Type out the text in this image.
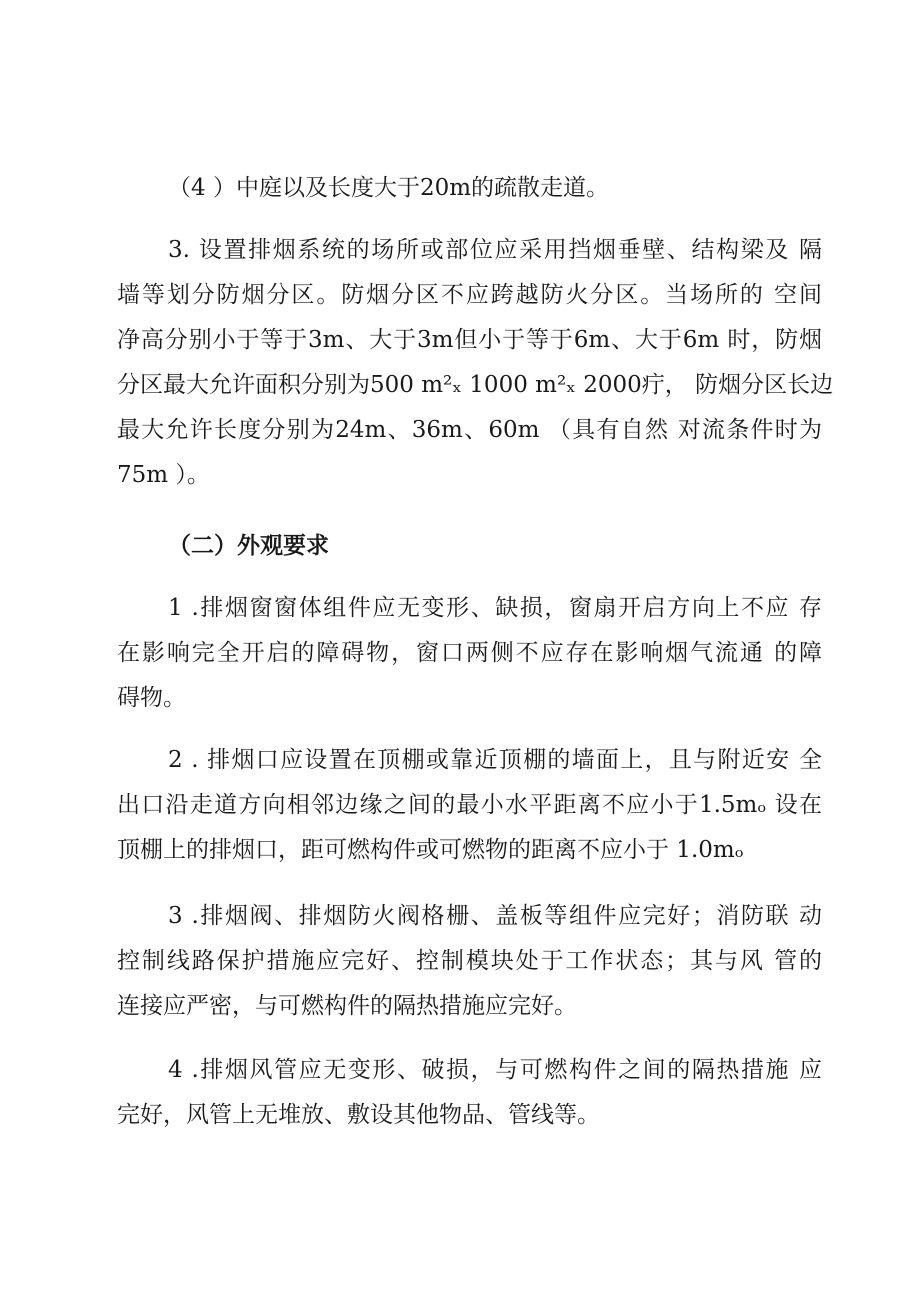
（4 ）中庭以及长度大于20m的疏散走道。

3. 设置排烟系统的场所或部位应采用挡烟垂壁、结构梁及 隔
墙等划分防烟分区。防烟分区不应跨越防火分区。当场所的 空间
净高分别小于等于3m、大于3m但小于等于6m、大于6m 时，防烟
分区最大允许面积分别为500 m²ₓ 1000 m²ₓ 2000疔， 防烟分区长边
最大允许长度分别为24m、36m、60m （具有自然 对流条件时为
75m ）。

（二）外观要求

1 .排烟窗窗体组件应无变形、缺损，窗扇开启方向上不应 存
在影响完全开启的障碍物，窗口两侧不应存在影响烟气流通 的障
碍物。

2 . 排烟口应设置在顶棚或靠近顶棚的墙面上，且与附近安 全
出口沿走道方向相邻边缘之间的最小水平距离不应小于1.5mₒ 设在
顶棚上的排烟口，距可燃构件或可燃物的距离不应小于 1.0mₒ

3 .排烟阀、排烟防火阀格栅、盖板等组件应完好；消防联 动
控制线路保护措施应完好、控制模块处于工作状态；其与风 管的
连接应严密，与可燃构件的隔热措施应完好。

4 .排烟风管应无变形、破损，与可燃构件之间的隔热措施 应
完好，风管上无堆放、敷设其他物品、管线等。
